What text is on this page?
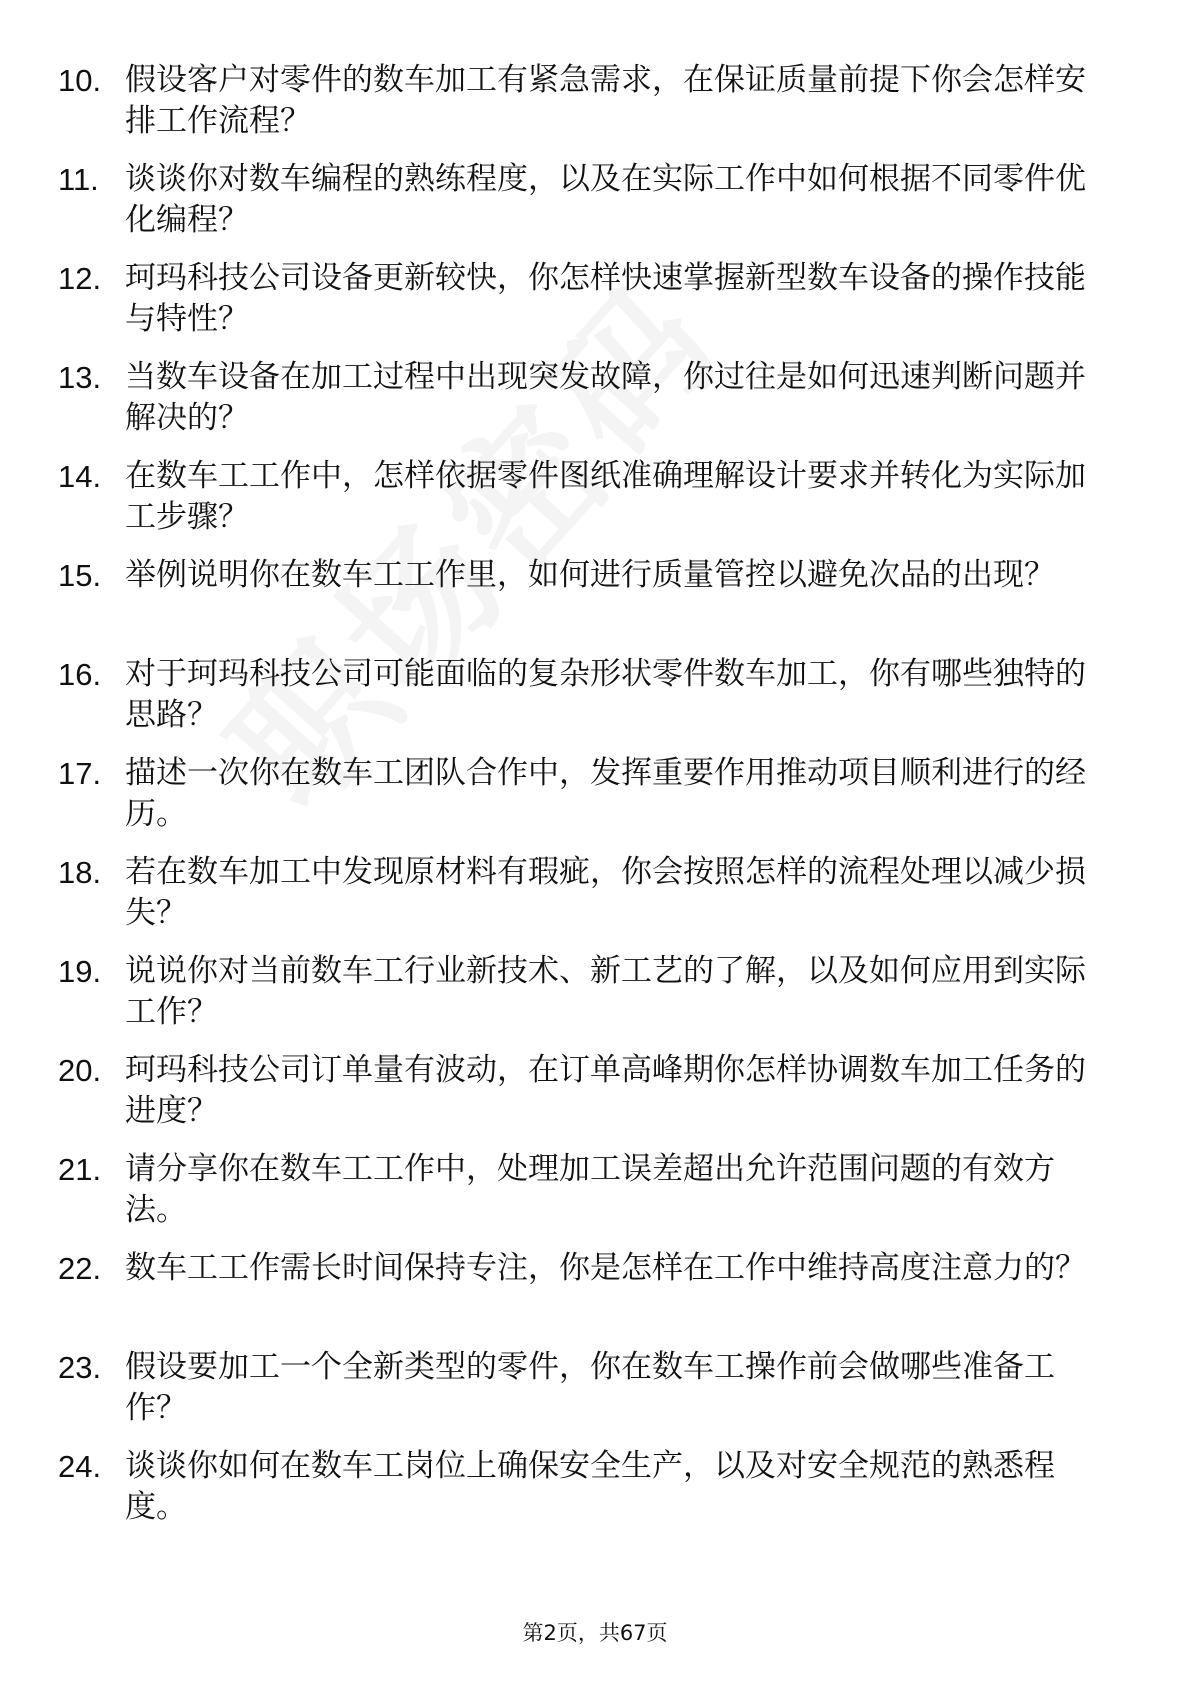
10. 假设客户对零件的数车加工有紧急需求，在保证质量前提下你会怎样安排工作流程？
11. 谈谈你对数车编程的熟练程度，以及在实际工作中如何根据不同零件优化编程？
12. 珂玛科技公司设备更新较快，你怎样快速掌握新型数车设备的操作技能与特性？
13. 当数车设备在加工过程中出现突发故障，你过往是如何迅速判断问题并解决的？
14. 在数车工工作中，怎样依据零件图纸准确理解设计要求并转化为实际加工步骤？
15. 举例说明你在数车工工作里，如何进行质量管控以避免次品的出现？
16. 对于珂玛科技公司可能面临的复杂形状零件数车加工，你有哪些独特的思路？
17. 描述一次你在数车工团队合作中，发挥重要作用推动项目顺利进行的经历。
18. 若在数车加工中发现原材料有瑕疵，你会按照怎样的流程处理以减少损失？
19. 说说你对当前数车工行业新技术、新工艺的了解，以及如何应用到实际工作？
20. 珂玛科技公司订单量有波动，在订单高峰期你怎样协调数车加工任务的进度？
21. 请分享你在数车工工作中，处理加工误差超出允许范围问题的有效方法。
22. 数车工工作需长时间保持专注，你是怎样在工作中维持高度注意力的？
23. 假设要加工一个全新类型的零件，你在数车工操作前会做哪些准备工作？
24. 谈谈你如何在数车工岗位上确保安全生产，以及对安全规范的熟悉程度。
第2页，共67页
